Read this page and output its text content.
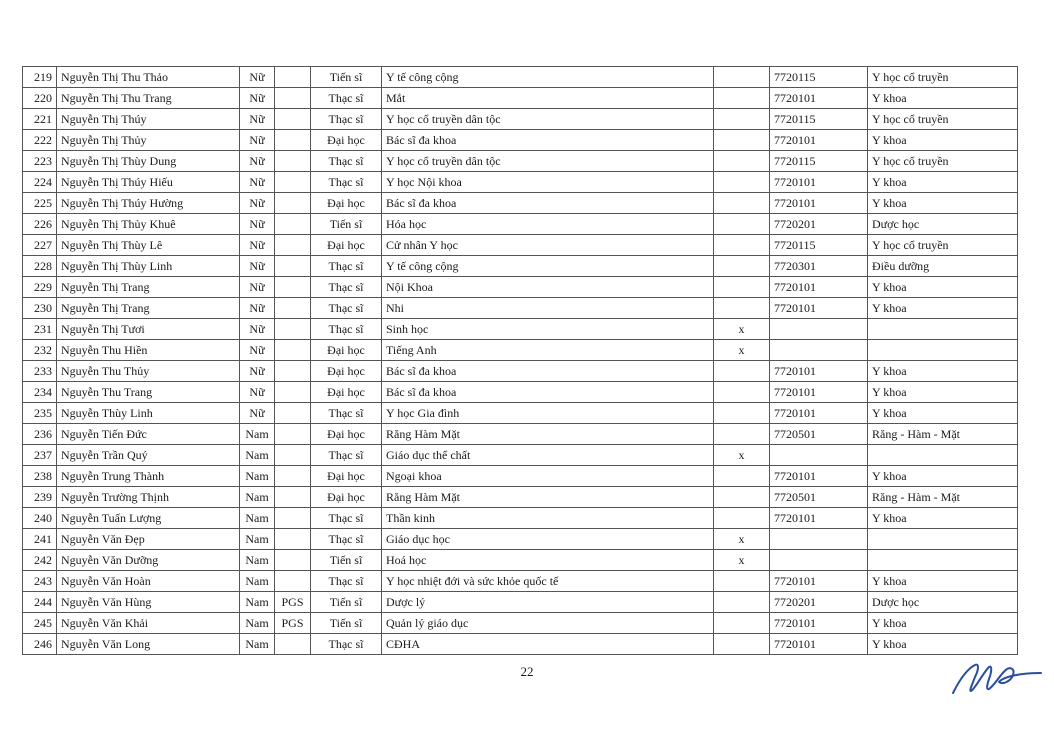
219	Nguyễn Thị Thu Thảo	Nữ		Tiến sĩ	Y tế công cộng		7720115	Y học cổ truyền
220	Nguyễn Thị Thu Trang	Nữ		Thạc sĩ	Mắt		7720101	Y khoa
221	Nguyễn Thị Thúy	Nữ		Thạc sĩ	Y học cổ truyền dân tộc		7720115	Y học cổ truyền
222	Nguyễn Thị Thủy	Nữ		Đại học	Bác sĩ đa khoa		7720101	Y khoa
223	Nguyễn Thị Thùy Dung	Nữ		Thạc sĩ	Y học cổ truyền dân tộc		7720115	Y học cổ truyền
224	Nguyễn Thị Thúy Hiếu	Nữ		Thạc sĩ	Y học Nội khoa		7720101	Y khoa
225	Nguyễn Thị Thúy Hường	Nữ		Đại học	Bác sĩ đa khoa		7720101	Y khoa
226	Nguyễn Thị Thủy Khuê	Nữ		Tiến sĩ	Hóa học		7720201	Dược học
227	Nguyễn Thị Thùy Lê	Nữ		Đại học	Cử nhân Y học		7720115	Y học cổ truyền
228	Nguyễn Thị Thùy Linh	Nữ		Thạc sĩ	Y tế công cộng		7720301	Điều dưỡng
229	Nguyễn Thị Trang	Nữ		Thạc sĩ	Nội Khoa		7720101	Y khoa
230	Nguyễn Thị Trang	Nữ		Thạc sĩ	Nhi		7720101	Y khoa
231	Nguyễn Thị Tươi	Nữ		Thạc sĩ	Sinh học	x		
232	Nguyễn Thu Hiền	Nữ		Đại học	Tiếng Anh	x		
233	Nguyễn Thu Thủy	Nữ		Đại học	Bác sĩ đa khoa		7720101	Y khoa
234	Nguyễn Thu Trang	Nữ		Đại học	Bác sĩ đa khoa		7720101	Y khoa
235	Nguyễn Thùy Linh	Nữ		Thạc sĩ	Y học Gia đình		7720101	Y khoa
236	Nguyễn Tiến Đức	Nam		Đại học	Răng Hàm Mặt		7720501	Răng - Hàm - Mặt
237	Nguyễn Trần Quý	Nam		Thạc sĩ	Giáo dục thể chất	x		
238	Nguyễn Trung Thành	Nam		Đại học	Ngoại khoa		7720101	Y khoa
239	Nguyễn Trường Thịnh	Nam		Đại học	Răng Hàm Mặt		7720501	Răng - Hàm - Mặt
240	Nguyễn Tuấn Lượng	Nam		Thạc sĩ	Thần kinh		7720101	Y khoa
241	Nguyễn Văn Đẹp	Nam		Thạc sĩ	Giáo dục học	x		
242	Nguyễn Văn Dưỡng	Nam		Tiến sĩ	Hoá học	x		
243	Nguyễn Văn Hoàn	Nam		Thạc sĩ	Y học nhiệt đới và sức khỏe quốc tế		7720101	Y khoa
244	Nguyễn Văn Hùng	Nam	PGS	Tiến sĩ	Dược lý		7720201	Dược học
245	Nguyễn Văn Khải	Nam	PGS	Tiến sĩ	Quản lý giáo dục		7720101	Y khoa
246	Nguyễn Văn Long	Nam		Thạc sĩ	CĐHA		7720101	Y khoa
22
